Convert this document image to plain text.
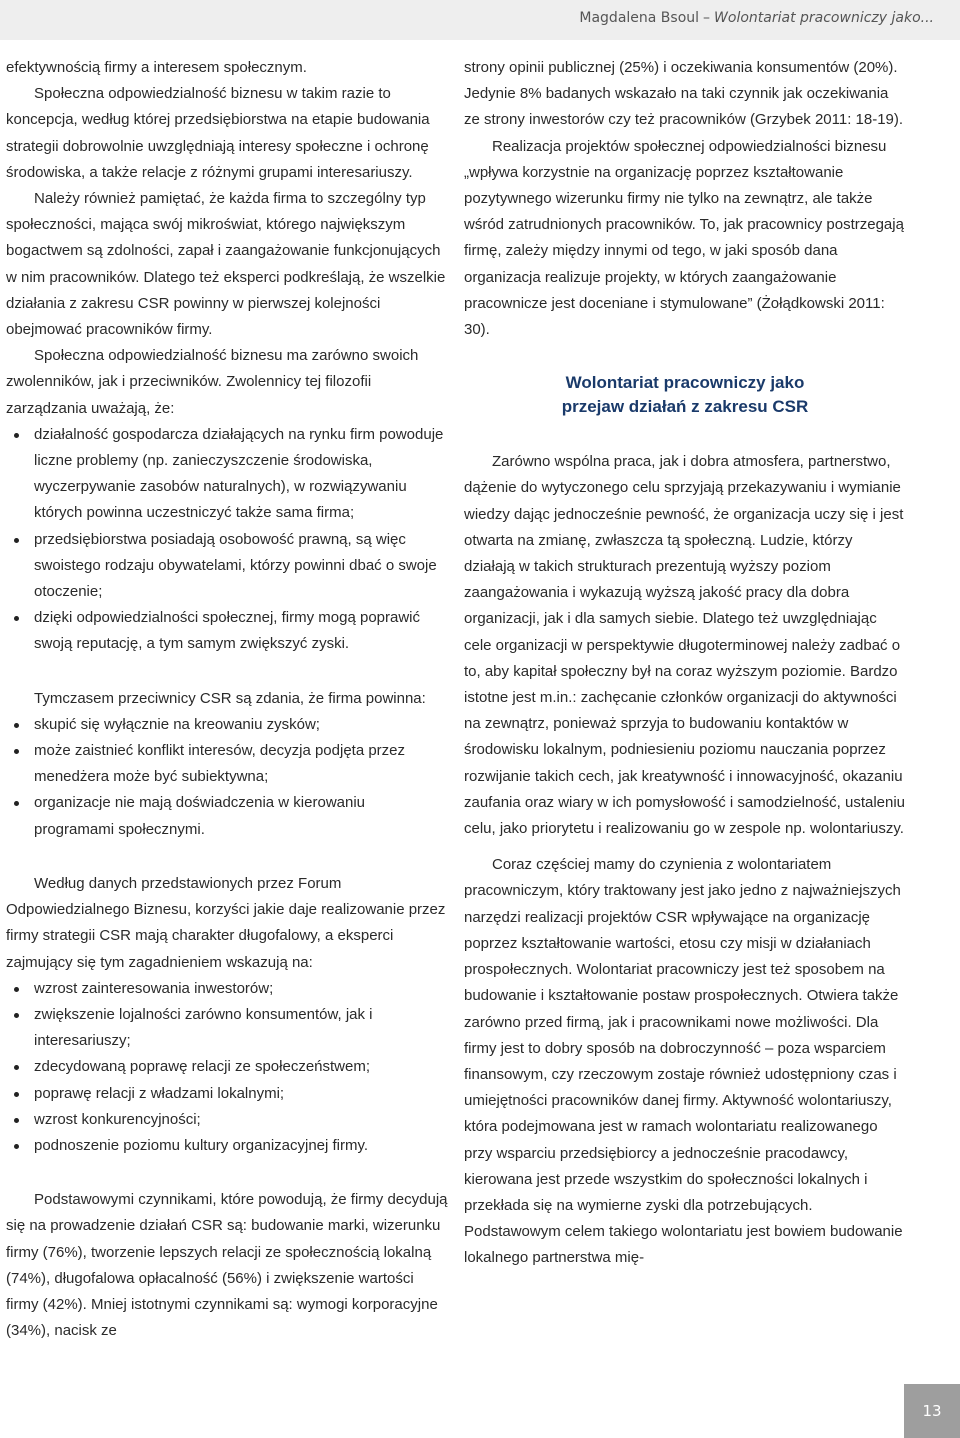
Magdalena Bsoul – Wolontariat pracowniczy jako...

efektywnością firmy a interesem społecznym.

Społeczna odpowiedzialność biznesu w takim razie to koncepcja, według której przedsiębiorstwa na etapie budowania strategii dobrowolnie uwzględniają interesy społeczne i ochronę środowiska, a także relacje z różnymi grupami interesariuszy.

Należy również pamiętać, że każda firma to szczególny typ społeczności, mająca swój mikroświat, którego największym bogactwem są zdolności, zapał i zaangażowanie funkcjonujących w nim pracowników. Dlatego też eksperci podkreślają, że wszelkie działania z zakresu CSR powinny w pierwszej kolejności obejmować pracowników firmy.

Społeczna odpowiedzialność biznesu ma zarówno swoich zwolenników, jak i przeciwników. Zwolennicy tej filozofii zarządzania uważają, że:

działalność gospodarcza działających na rynku firm powoduje liczne problemy (np. zanieczyszczenie środowiska, wyczerpywanie zasobów naturalnych), w rozwiązywaniu których powinna uczestniczyć także sama firma;
przedsiębiorstwa posiadają osobowość prawną, są więc swoistego rodzaju obywatelami, którzy powinni dbać o swoje otoczenie;
dzięki odpowiedzialności społecznej, firmy mogą poprawić swoją reputację, a tym samym zwiększyć zyski.

Tymczasem przeciwnicy CSR są zdania, że firma powinna:

skupić się wyłącznie na kreowaniu zysków;
może zaistnieć konflikt interesów, decyzja podjęta przez menedżera może być subiektywna;
organizacje nie mają doświadczenia w kierowaniu programami społecznymi.

Według danych przedstawionych przez Forum Odpowiedzialnego Biznesu, korzyści jakie daje realizowanie przez firmy strategii CSR mają charakter długofalowy, a eksperci zajmujący się tym zagadnieniem wskazują na:

wzrost zainteresowania inwestorów;
zwiększenie lojalności zarówno konsumentów, jak i interesariuszy;
zdecydowaną poprawę relacji ze społeczeństwem;
poprawę relacji z władzami lokalnymi;
wzrost konkurencyjności;
podnoszenie poziomu kultury organizacyjnej firmy.

Podstawowymi czynnikami, które powodują, że firmy decydują się na prowadzenie działań CSR są: budowanie marki, wizerunku firmy (76%), tworzenie lepszych relacji ze społecznością lokalną (74%), długofalowa opłacalność (56%) i zwiększenie wartości firmy (42%). Mniej istotnymi czynnikami są: wymogi korporacyjne (34%), nacisk ze

strony opinii publicznej (25%) i oczekiwania konsumentów (20%). Jedynie 8% badanych wskazało na taki czynnik jak oczekiwania ze strony inwestorów czy też pracowników (Grzybek 2011: 18-19).

Realizacja projektów społecznej odpowiedzialności biznesu „wpływa korzystnie na organizację poprzez kształtowanie pozytywnego wizerunku firmy nie tylko na zewnątrz, ale także wśród zatrudnionych pracowników. To, jak pracownicy postrzegają firmę, zależy między innymi od tego, w jaki sposób dana organizacja realizuje projekty, w których zaangażowanie pracownicze jest doceniane i stymulowane” (Żołądkowski 2011: 30).

Wolontariat pracowniczy jako
przejaw działań z zakresu CSR

Zarówno wspólna praca, jak i dobra atmosfera, partnerstwo, dążenie do wytyczonego celu sprzyjają przekazywaniu i wymianie wiedzy dając jednocześnie pewność, że organizacja uczy się i jest otwarta na zmianę, zwłaszcza tą społeczną. Ludzie, którzy działają w takich strukturach prezentują wyższy poziom zaangażowania i wykazują wyższą jakość pracy dla dobra organizacji, jak i dla samych siebie. Dlatego też uwzględniając cele organizacji w perspektywie długoterminowej należy zadbać o to, aby kapitał społeczny był na coraz wyższym poziomie. Bardzo istotne jest m.in.: zachęcanie członków organizacji do aktywności na zewnątrz, ponieważ sprzyja to budowaniu kontaktów w środowisku lokalnym, podniesieniu poziomu nauczania poprzez rozwijanie takich cech, jak kreatywność i innowacyjność, okazaniu zaufania oraz wiary w ich pomysłowość i samodzielność, ustaleniu celu, jako priorytetu i realizowaniu go w zespole np. wolontariuszy.

Coraz częściej mamy do czynienia z wolontariatem pracowniczym, który traktowany jest jako jedno z najważniejszych narzędzi realizacji projektów CSR wpływające na organizację poprzez kształtowanie wartości, etosu czy misji w działaniach prospołecznych. Wolontariat pracowniczy jest też sposobem na budowanie i kształtowanie postaw prospołecznych. Otwiera także zarówno przed firmą, jak i pracownikami nowe możliwości. Dla firmy jest to dobry sposób na dobroczynność – poza wsparciem finansowym, czy rzeczowym zostaje również udostępniony czas i umiejętności pracowników danej firmy. Aktywność wolontariuszy, która podejmowana jest w ramach wolontariatu realizowanego przy wsparciu przedsiębiorcy a jednocześnie pracodawcy, kierowana jest przede wszystkim do społeczności lokalnych i przekłada się na wymierne zyski dla potrzebujących. Podstawowym celem takiego wolontariatu jest bowiem budowanie lokalnego partnerstwa mię-

13
